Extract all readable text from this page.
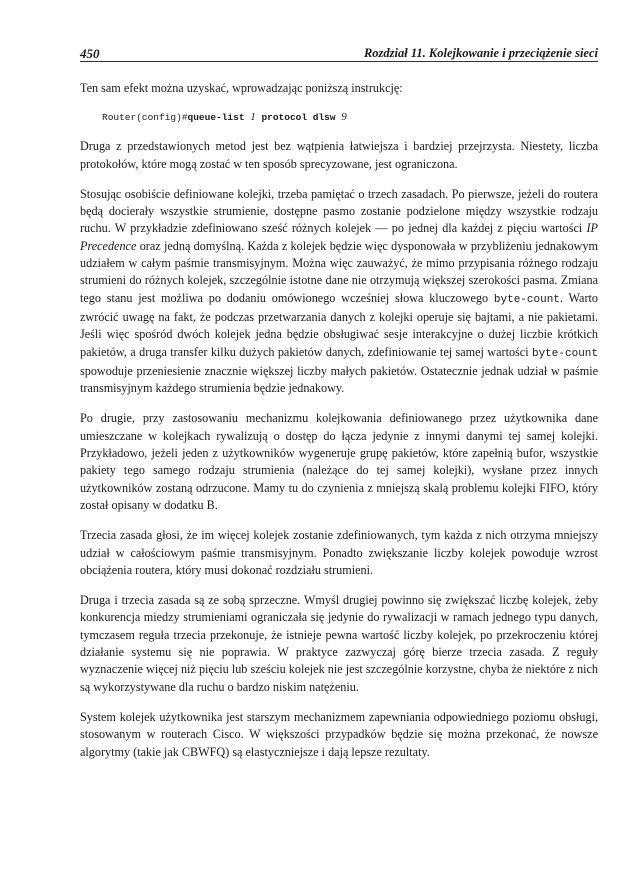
450	Rozdział 11. Kolejkowanie i przeciążenie sieci

Ten sam efekt można uzyskać, wprowadzając poniższą instrukcję:

Router(config)#queue-list 1 protocol dlsw 9

Druga z przedstawionych metod jest bez wątpienia łatwiejsza i bardziej przejrzysta. Niestety, liczba protokołów, które mogą zostać w ten sposób sprecyzowane, jest ograniczona.

Stosując osobiście definiowane kolejki, trzeba pamiętać o trzech zasadach. Po pierwsze, jeżeli do routera będą docierały wszystkie strumienie, dostępne pasmo zostanie podzielone między wszystkie rodzaju ruchu. W przykładzie zdefiniowano sześć różnych kolejek — po jednej dla każdej z pięciu wartości IP Precedence oraz jedną domyślną. Każda z kolejek będzie więc dysponowała w przybliżeniu jednakowym udziałem w całym paśmie transmisyjnym. Można więc zauważyć, że mimo przypisania różnego rodzaju strumieni do różnych kolejek, szczególnie istotne dane nie otrzymują większej szerokości pasma. Zmiana tego stanu jest możliwa po dodaniu omówionego wcześniej słowa kluczowego byte-count. Warto zwrócić uwagę na fakt, że podczas przetwarzania danych z kolejki operuje się bajtami, a nie pakietami. Jeśli więc spośród dwóch kolejek jedna będzie obsługiwać sesje interakcyjne o dużej liczbie krótkich pakietów, a druga transfer kilku dużych pakietów danych, zdefiniowanie tej samej wartości byte-count spowoduje przeniesienie znacznie większej liczby małych pakietów. Ostatecznie jednak udział w paśmie transmisyjnym każdego strumienia będzie jednakowy.

Po drugie, przy zastosowaniu mechanizmu kolejkowania definiowanego przez użytkownika dane umieszczane w kolejkach rywalizują o dostęp do łącza jedynie z innymi danymi tej samej kolejki. Przykładowo, jeżeli jeden z użytkowników wygeneruje grupę pakietów, które zapełnią bufor, wszystkie pakiety tego samego rodzaju strumienia (należące do tej samej kolejki), wysłane przez innych użytkowników zostaną odrzucone. Mamy tu do czynienia z mniejszą skalą problemu kolejki FIFO, który został opisany w dodatku B.

Trzecia zasada głosi, że im więcej kolejek zostanie zdefiniowanych, tym każda z nich otrzyma mniejszy udział w całościowym paśmie transmisyjnym. Ponadto zwiększanie liczby kolejek powoduje wzrost obciążenia routera, który musi dokonać rozdziału strumieni.

Druga i trzecia zasada są ze sobą sprzeczne. Wmyśl drugiej powinno się zwiększać liczbę kolejek, żeby konkurencja miedzy strumieniami ograniczała się jedynie do rywalizacji w ramach jednego typu danych, tymczasem reguła trzecia przekonuje, że istnieje pewna wartość liczby kolejek, po przekroczeniu której działanie systemu się nie poprawia. W praktyce zazwyczaj górę bierze trzecia zasada. Z reguły wyznaczenie więcej niż pięciu lub sześciu kolejek nie jest szczególnie korzystne, chyba że niektóre z nich są wykorzystywane dla ruchu o bardzo niskim natężeniu.

System kolejek użytkownika jest starszym mechanizmem zapewniania odpowiedniego poziomu obsługi, stosowanym w routerach Cisco. W większości przypadków będzie się można przekonać, że nowsze algorytmy (takie jak CBWFQ) są elastyczniejsze i dają lepsze rezultaty.
